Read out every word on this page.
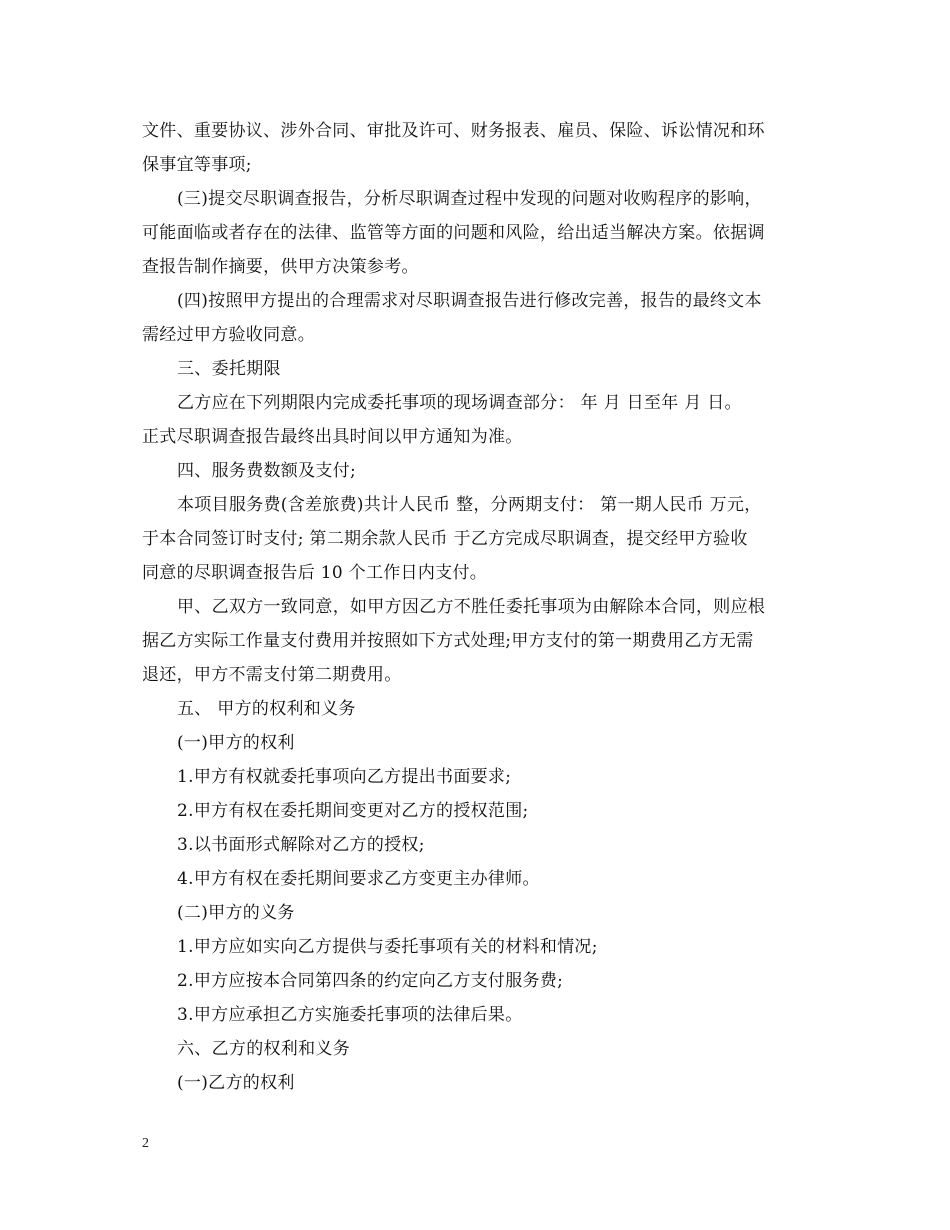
文件、重要协议、涉外合同、审批及许可、财务报表、雇员、保险、诉讼情况和环
保事宜等事项;
(三)提交尽职调查报告，分析尽职调查过程中发现的问题对收购程序的影响，
可能面临或者存在的法律、监管等方面的问题和风险，给出适当解决方案。依据调
查报告制作摘要，供甲方决策参考。
(四)按照甲方提出的合理需求对尽职调查报告进行修改完善，报告的最终文本
需经过甲方验收同意。
三、委托期限
乙方应在下列期限内完成委托事项的现场调查部分： 年 月 日至年 月 日。
正式尽职调查报告最终出具时间以甲方通知为准。
四、服务费数额及支付;
本项目服务费(含差旅费)共计人民币 整，分两期支付： 第一期人民币 万元，
于本合同签订时支付; 第二期余款人民币 于乙方完成尽职调查，提交经甲方验收
同意的尽职调查报告后 10 个工作日内支付。
甲、乙双方一致同意，如甲方因乙方不胜任委托事项为由解除本合同，则应根
据乙方实际工作量支付费用并按照如下方式处理;甲方支付的第一期费用乙方无需
退还，甲方不需支付第二期费用。
五、 甲方的权利和义务
(一)甲方的权利
1.甲方有权就委托事项向乙方提出书面要求;
2.甲方有权在委托期间变更对乙方的授权范围;
3.以书面形式解除对乙方的授权;
4.甲方有权在委托期间要求乙方变更主办律师。
(二)甲方的义务
1.甲方应如实向乙方提供与委托事项有关的材料和情况;
2.甲方应按本合同第四条的约定向乙方支付服务费;
3.甲方应承担乙方实施委托事项的法律后果。
六、乙方的权利和义务
(一)乙方的权利
2
